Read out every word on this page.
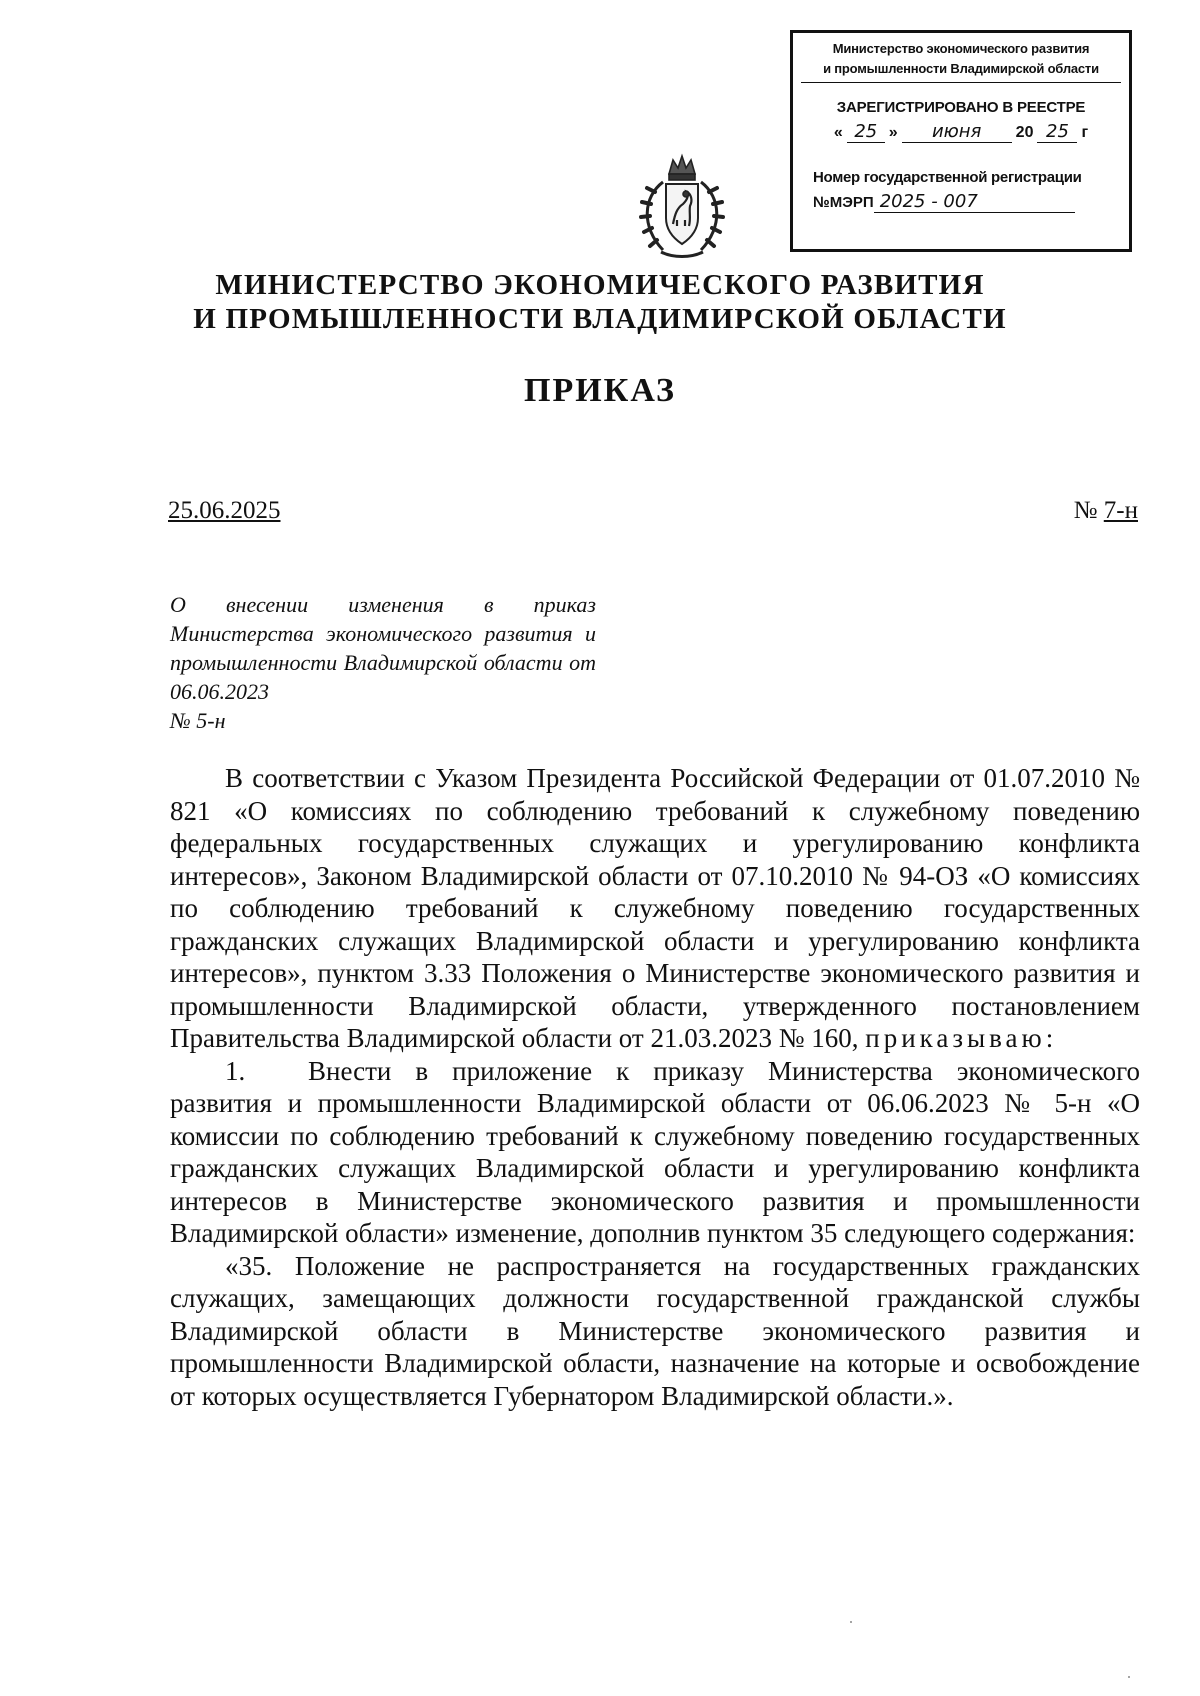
Министерство экономического развития
и промышленности Владимирской области
ЗАРЕГИСТРИРОВАНО В РЕЕСТРЕ
« 25 »	июня	20 25 г
Номер государственной регистрации
№МЭРП 2025 - 007
МИНИСТЕРСТВО ЭКОНОМИЧЕСКОГО РАЗВИТИЯ
И ПРОМЫШЛЕННОСТИ ВЛАДИМИРСКОЙ ОБЛАСТИ
ПРИКАЗ
25.06.2025	№ 7-н
О внесении изменения в приказ Министерства экономического развития и промышленности Владимирской области от 06.06.2023
№ 5-н

В соответствии с Указом Президента Российской Федерации от 01.07.2010 № 821 «О комиссиях по соблюдению требований к служебному поведению федеральных государственных служащих и урегулированию конфликта интересов», Законом Владимирской области от 07.10.2010 № 94-ОЗ «О комиссиях по соблюдению требований к служебному поведению государственных гражданских служащих Владимирской области и урегулированию конфликта интересов», пунктом 3.33 Положения о Министерстве экономического развития и промышленности Владимирской области, утвержденного постановлением Правительства Владимирской области от 21.03.2023 № 160, приказываю:

1. Внести в приложение к приказу Министерства экономического развития и промышленности Владимирской области от 06.06.2023 № 5-н «О комиссии по соблюдению требований к служебному поведению государственных гражданских служащих Владимирской области и урегулированию конфликта интересов в Министерстве экономического развития и промышленности Владимирской области» изменение, дополнив пунктом 35 следующего содержания:

«35. Положение не распространяется на государственных гражданских служащих, замещающих должности государственной гражданской службы Владимирской области в Министерстве экономического развития и промышленности Владимирской области, назначение на которые и освобождение от которых осуществляется Губернатором Владимирской области.».
